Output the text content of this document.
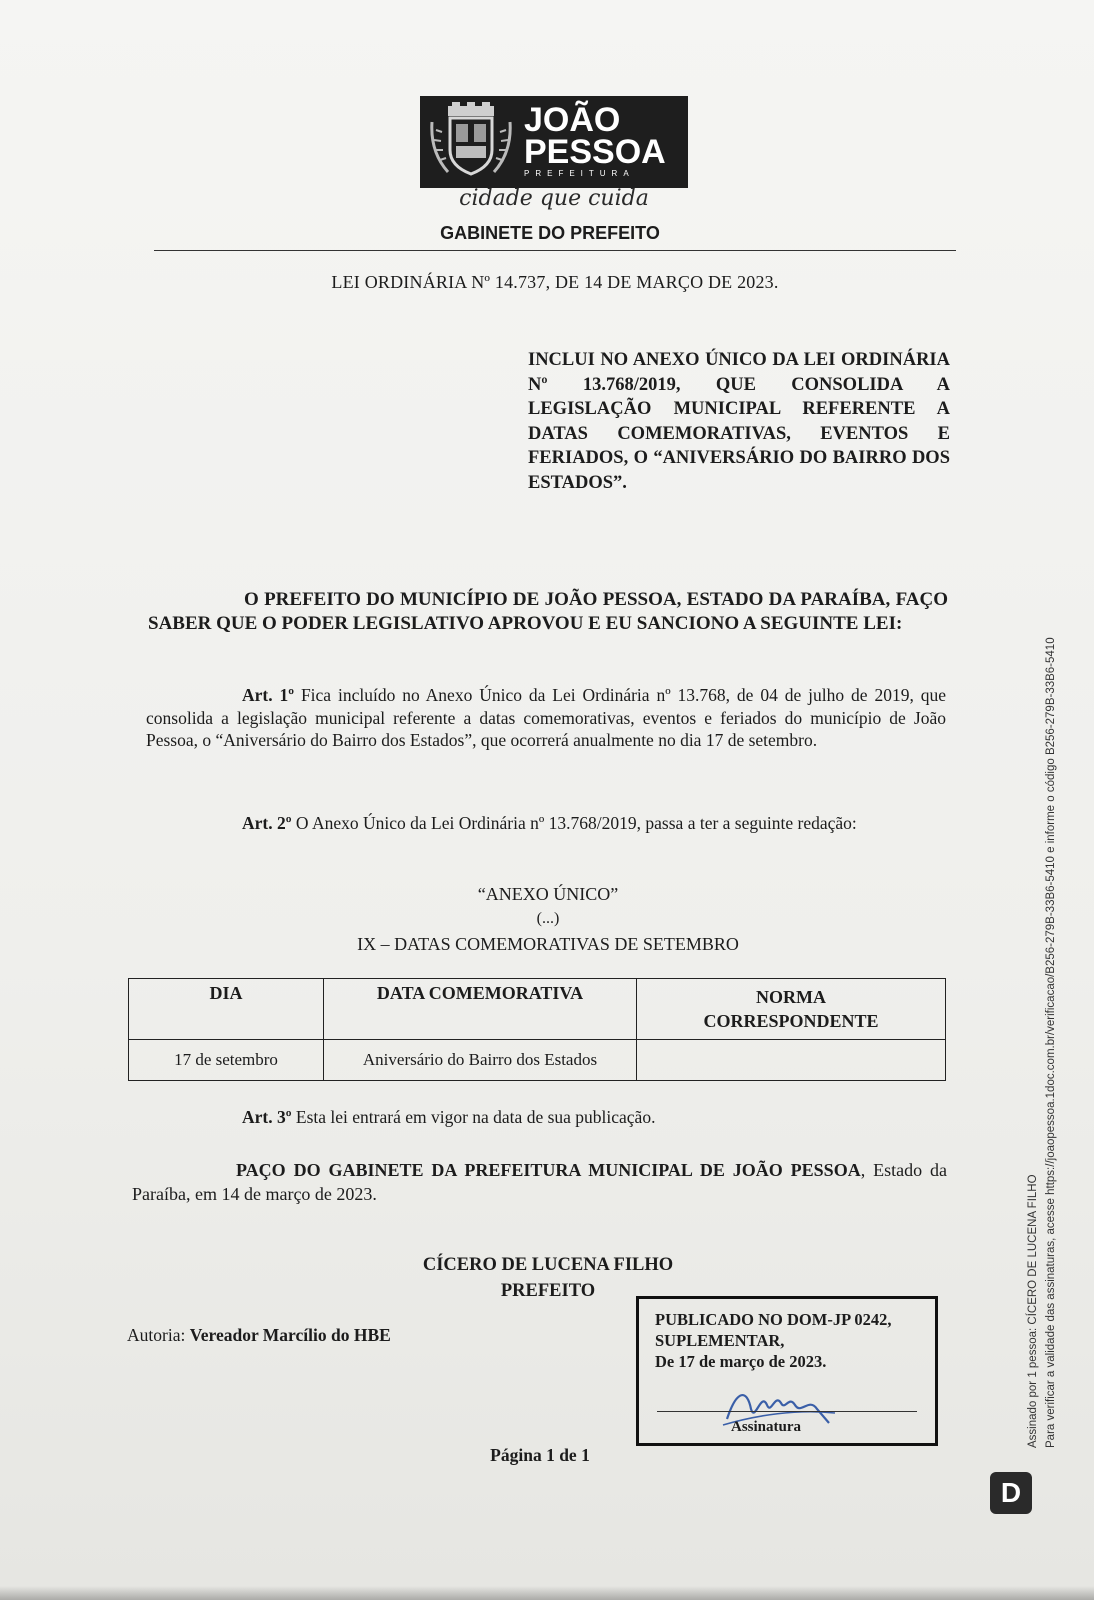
JOÃO
PESSOA
PREFEITURA
cidade que cuida
GABINETE DO PREFEITO
LEI ORDINÁRIA Nº 14.737, DE 14 DE MARÇO DE 2023.
INCLUI NO ANEXO ÚNICO DA LEI ORDINÁRIA Nº 13.768/2019, QUE CONSOLIDA A LEGISLAÇÃO MUNICIPAL REFERENTE A DATAS COMEMORATIVAS, EVENTOS E FERIADOS, O “ANIVERSÁRIO DO BAIRRO DOS ESTADOS”.
O PREFEITO DO MUNICÍPIO DE JOÃO PESSOA, ESTADO DA PARAÍBA, FAÇO SABER QUE O PODER LEGISLATIVO APROVOU E EU SANCIONO A SEGUINTE LEI:
Art. 1º Fica incluído no Anexo Único da Lei Ordinária nº 13.768, de 04 de julho de 2019, que consolida a legislação municipal referente a datas comemorativas, eventos e feriados do município de João Pessoa, o “Aniversário do Bairro dos Estados”, que ocorrerá anualmente no dia 17 de setembro.
Art. 2º O Anexo Único da Lei Ordinária nº 13.768/2019, passa a ter a seguinte redação:
“ANEXO ÚNICO”
(...)
IX – DATAS COMEMORATIVAS DE SETEMBRO
DIA	DATA COMEMORATIVA	NORMA CORRESPONDENTE
17 de setembro	Aniversário do Bairro dos Estados	
Art. 3º Esta lei entrará em vigor na data de sua publicação.
PAÇO DO GABINETE DA PREFEITURA MUNICIPAL DE JOÃO PESSOA, Estado da Paraíba, em 14 de março de 2023.
CÍCERO DE LUCENA FILHO
PREFEITO
Autoria: Vereador Marcílio do HBE
PUBLICADO NO DOM-JP 0242,
SUPLEMENTAR,
De 17 de março de 2023.
Assinatura
Página 1 de 1
Assinado por 1 pessoa: CÍCERO DE LUCENA FILHO Para verificar a validade das assinaturas, acesse https://joaopessoa.1doc.com.br/verificacao/B256-279B-33B6-5410 e informe o código B256-279B-33B6-5410
D
